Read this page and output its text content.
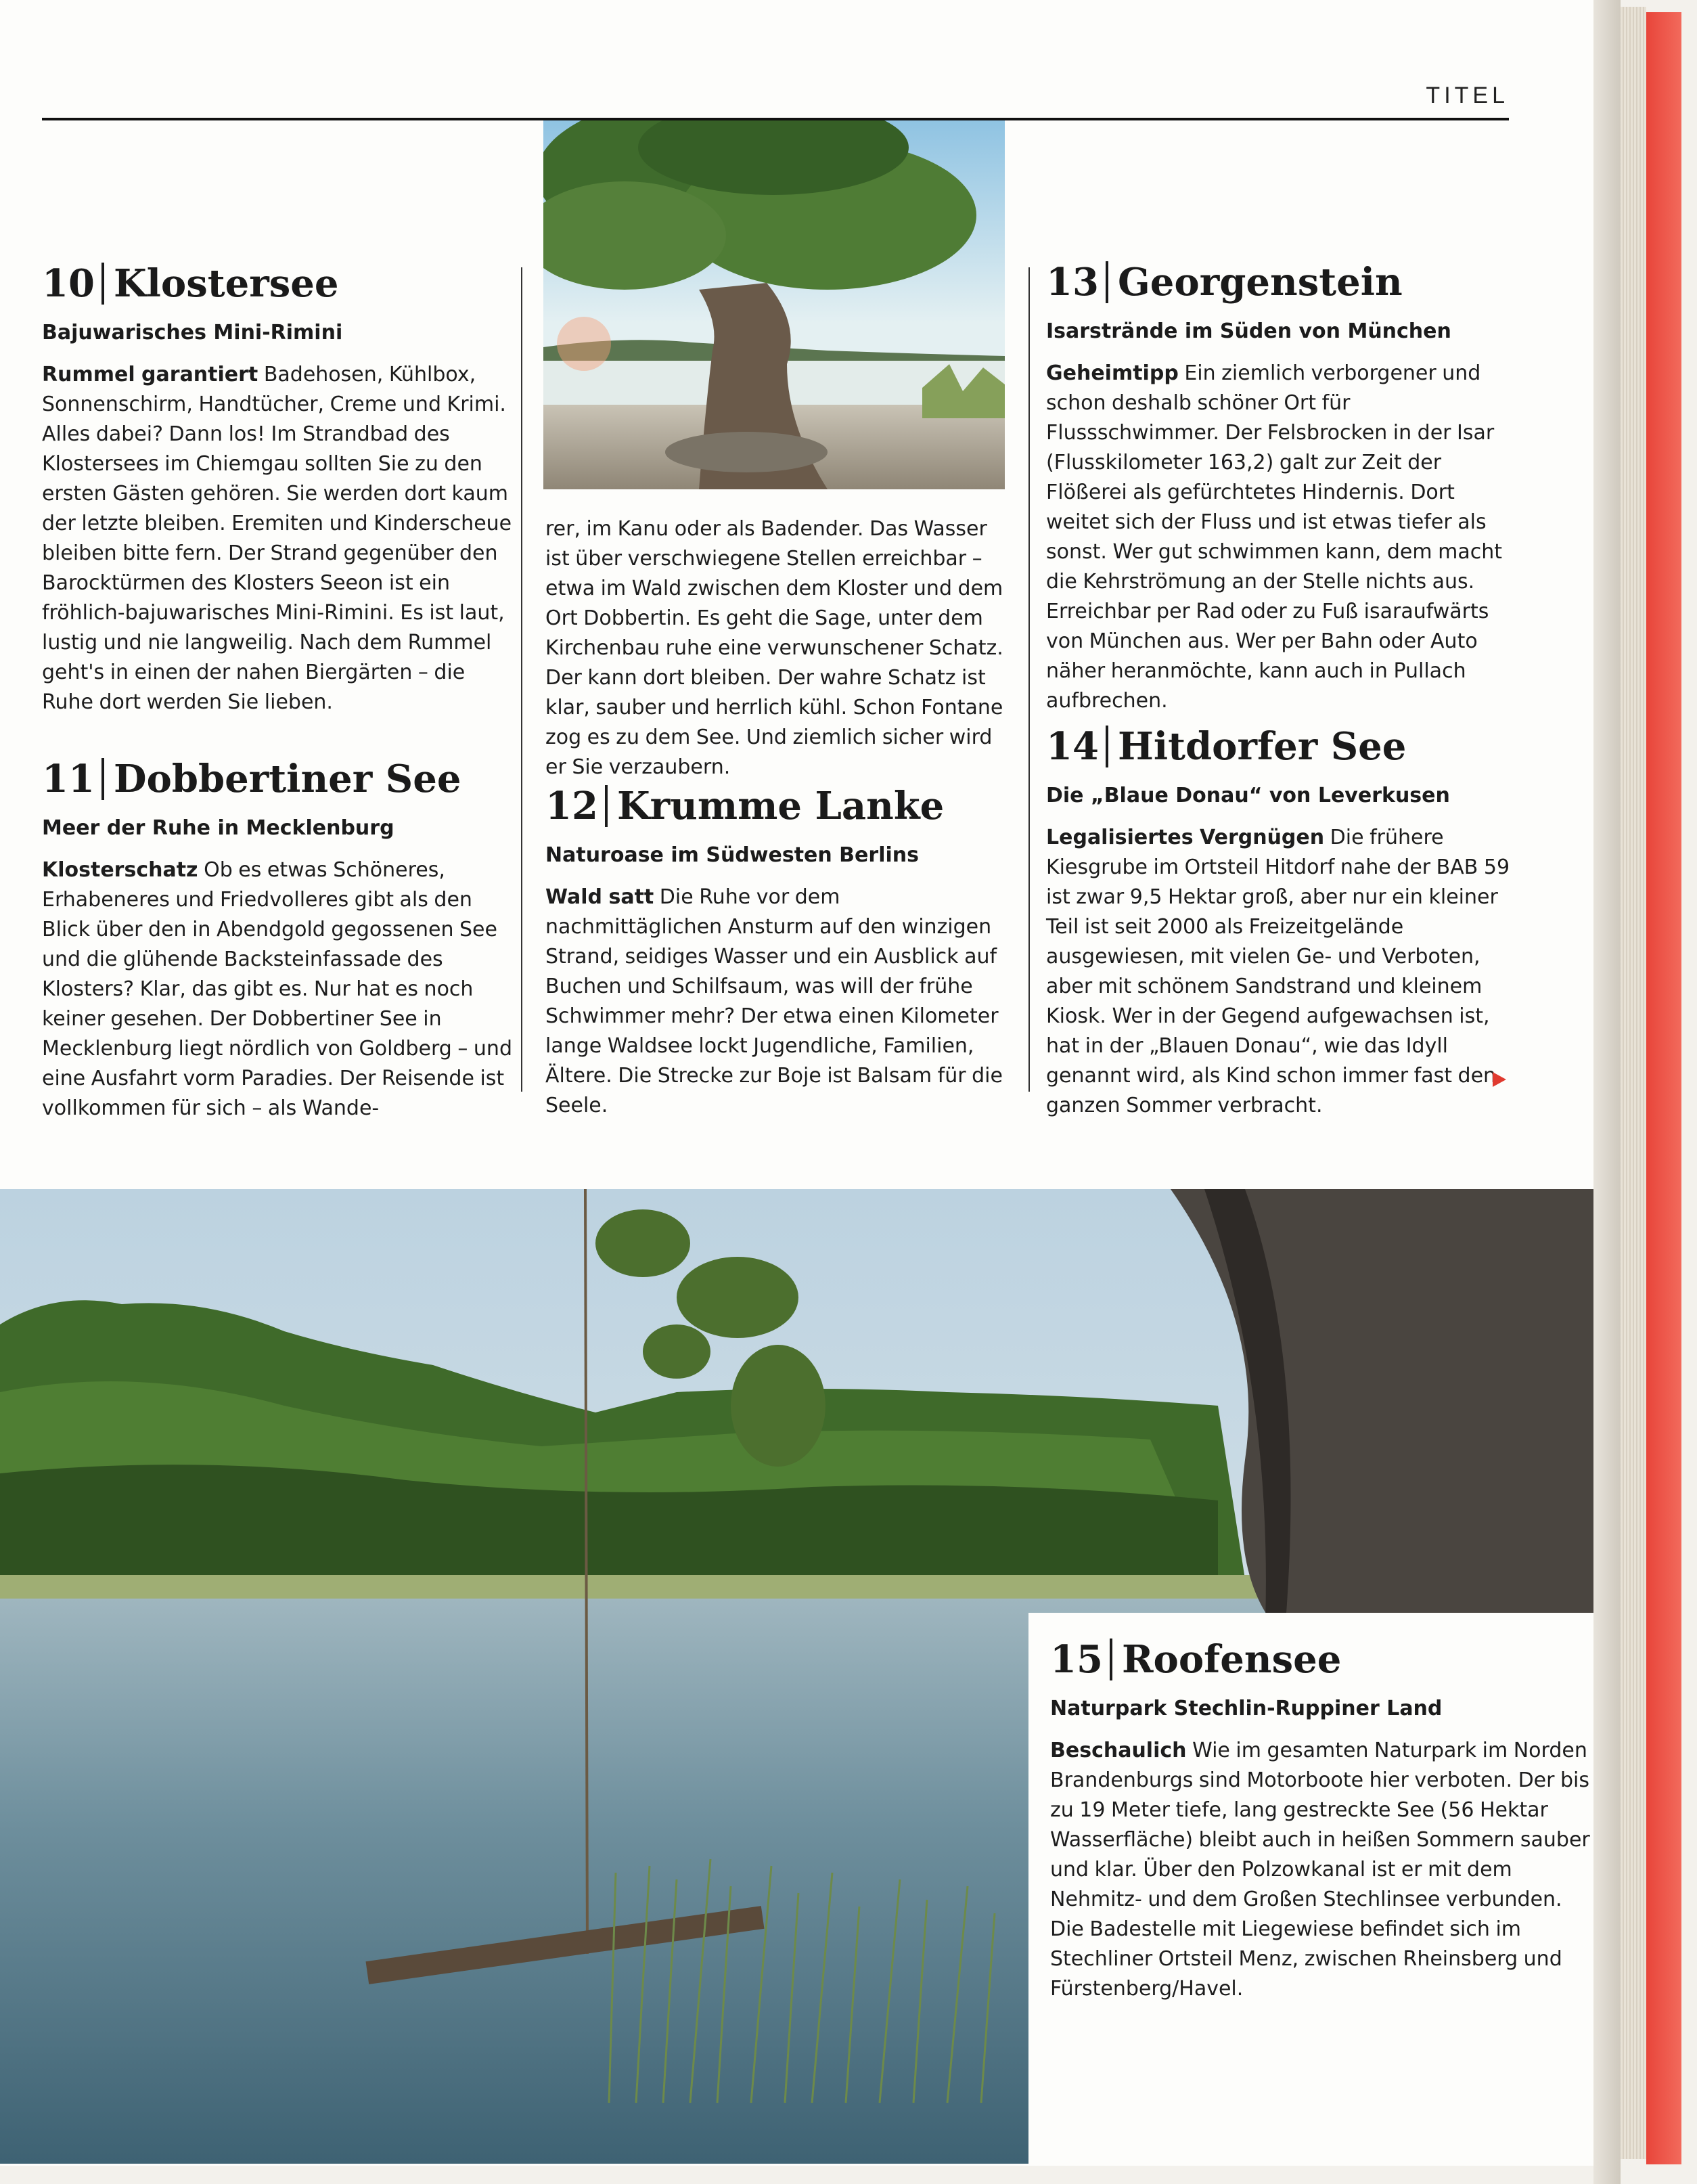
TITEL
10 Klostersee
Bajuwarisches Mini-Rimini
Rummel garantiert Badehosen, Kühlbox, Sonnenschirm, Handtücher, Creme und Krimi. Alles dabei? Dann los! Im Strandbad des Klostersees im Chiemgau sollten Sie zu den ersten Gästen gehören. Sie werden dort kaum der letzte bleiben. Eremiten und Kinderscheue bleiben bitte fern. Der Strand gegenüber den Barocktürmen des Klosters Seeon ist ein fröhlich-bajuwarisches Mini-Rimini. Es ist laut, lustig und nie langweilig. Nach dem Rummel geht's in einen der nahen Biergärten – die Ruhe dort werden Sie lieben.
11 Dobbertiner See
Meer der Ruhe in Mecklenburg
Klosterschatz Ob es etwas Schöneres, Erhabeneres und Friedvolleres gibt als den Blick über den in Abendgold gegossenen See und die glühende Backsteinfassade des Klosters? Klar, das gibt es. Nur hat es noch keiner gesehen. Der Dobbertiner See in Mecklenburg liegt nördlich von Goldberg – und eine Ausfahrt vorm Paradies. Der Reisende ist vollkommen für sich – als Wande-
rer, im Kanu oder als Badender. Das Wasser ist über verschwiegene Stellen erreichbar – etwa im Wald zwischen dem Kloster und dem Ort Dobbertin. Es geht die Sage, unter dem Kirchenbau ruhe eine verwunschener Schatz. Der kann dort bleiben. Der wahre Schatz ist klar, sauber und herrlich kühl. Schon Fontane zog es zu dem See. Und ziemlich sicher wird er Sie verzaubern.
12 Krumme Lanke
Naturoase im Südwesten Berlins
Wald satt Die Ruhe vor dem nachmittäglichen Ansturm auf den winzigen Strand, seidiges Wasser und ein Ausblick auf Buchen und Schilfsaum, was will der frühe Schwimmer mehr? Der etwa einen Kilometer lange Waldsee lockt Jugendliche, Familien, Ältere. Die Strecke zur Boje ist Balsam für die Seele.
13 Georgenstein
Isarstrände im Süden von München
Geheimtipp Ein ziemlich verborgener und schon deshalb schöner Ort für Flussschwimmer. Der Felsbrocken in der Isar (Flusskilometer 163,2) galt zur Zeit der Flößerei als gefürchtetes Hindernis. Dort weitet sich der Fluss und ist etwas tiefer als sonst. Wer gut schwimmen kann, dem macht die Kehrströmung an der Stelle nichts aus. Erreichbar per Rad oder zu Fuß isaraufwärts von München aus. Wer per Bahn oder Auto näher heranmöchte, kann auch in Pullach aufbrechen.
14 Hitdorfer See
Die „Blaue Donau“ von Leverkusen
Legalisiertes Vergnügen Die frühere Kiesgrube im Ortsteil Hitdorf nahe der BAB 59 ist zwar 9,5 Hektar groß, aber nur ein kleiner Teil ist seit 2000 als Freizeitgelände ausgewiesen, mit vielen Ge- und Verboten, aber mit schönem Sandstrand und kleinem Kiosk. Wer in der Gegend aufgewachsen ist, hat in der „Blauen Donau“, wie das Idyll genannt wird, als Kind schon immer fast den ganzen Sommer verbracht.
15 Roofensee
Naturpark Stechlin-Ruppiner Land
Beschaulich Wie im gesamten Naturpark im Norden Brandenburgs sind Motorboote hier verboten. Der bis zu 19 Meter tiefe, lang gestreckte See (56 Hektar Wasserfläche) bleibt auch in heißen Sommern sauber und klar. Über den Polzowkanal ist er mit dem Nehmitz- und dem Großen Stechlinsee verbunden. Die Badestelle mit Liegewiese befindet sich im Stechliner Ortsteil Menz, zwischen Rheinsberg und Fürstenberg/Havel.
